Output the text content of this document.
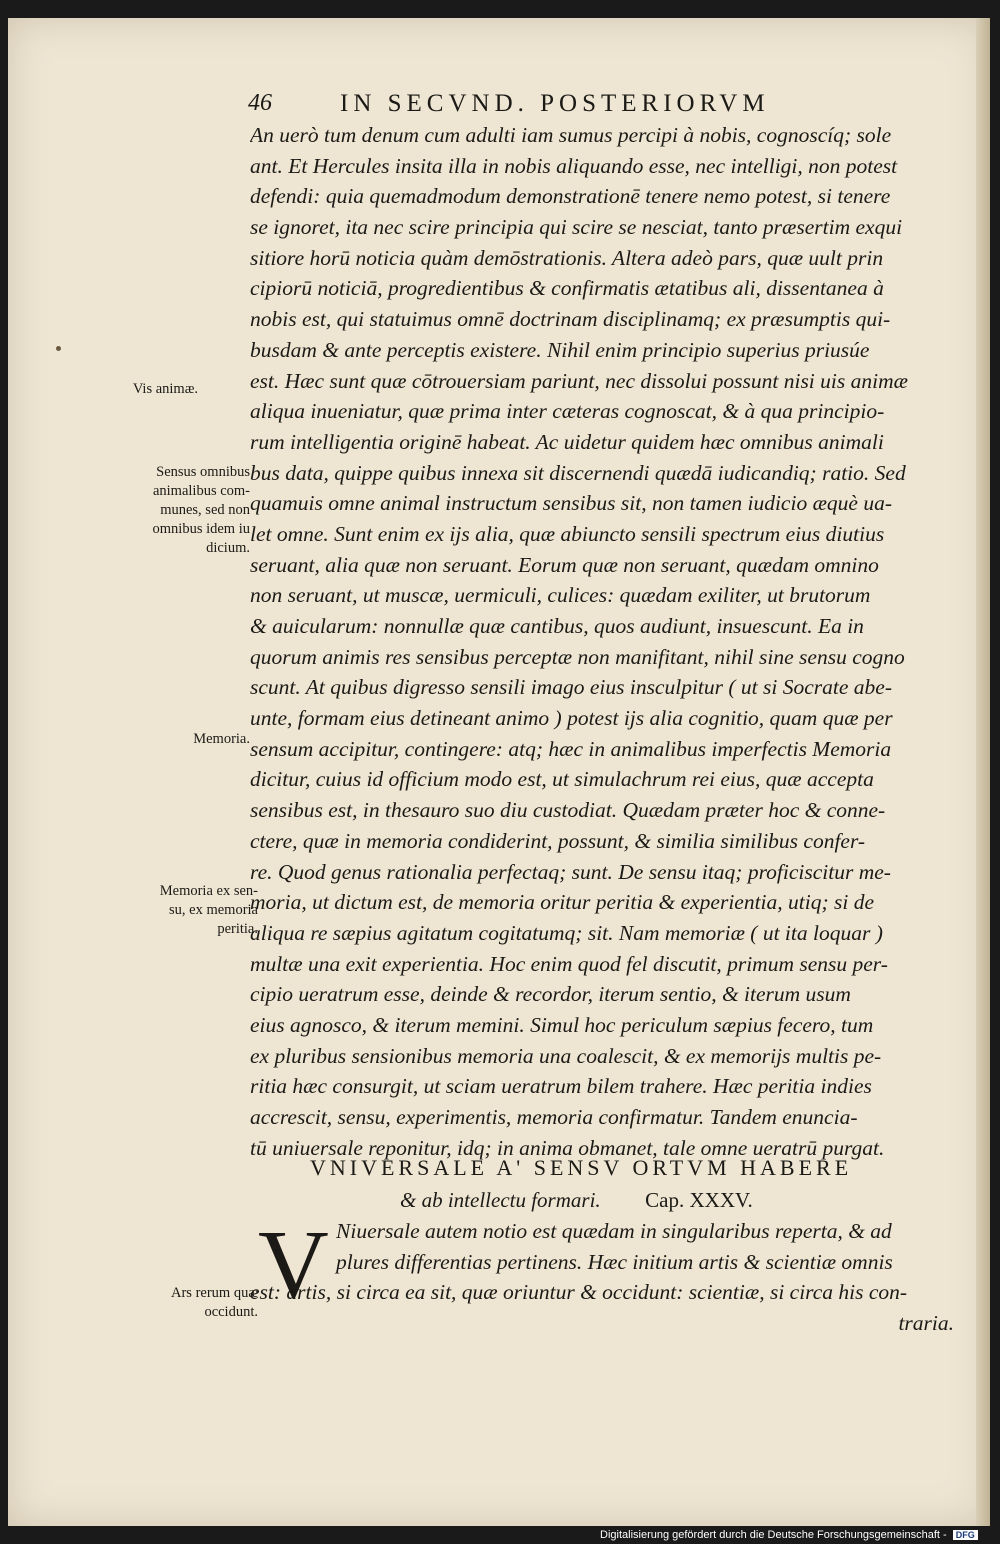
46	IN SECVND. POSTERIORVM
An uerò tum denum cum adulti iam sumus percipi à nobis, cognoscíq; sole
ant. Et Hercules insita illa in nobis aliquando esse, nec intelligi, non potest
defendi: quia quemadmodum demonstrationē tenere nemo potest, si tenere
se ignoret, ita nec scire principia qui scire se nesciat, tanto præsertim exqui
sitiore horū noticia quàm demōstrationis. Altera adeò pars, quæ uult prin
cipiorū noticiā, progredientibus & confirmatis ætatibus ali, dissentanea à
nobis est, qui statuimus omnē doctrinam disciplinamq; ex præsumptis qui-
busdam & ante perceptis existere. Nihil enim principio superius priusúe
est. Hæc sunt quæ cōtrouersiam pariunt, nec dissolui possunt nisi uis animæ
aliqua inueniatur, quæ prima inter cæteras cognoscat, & à qua principio-
rum intelligentia originē habeat. Ac uidetur quidem hæc omnibus animali
bus data, quippe quibus innexa sit discernendi quædā iudicandiq; ratio. Sed
quamuis omne animal instructum sensibus sit, non tamen iudicio æquè ua-
let omne. Sunt enim ex ijs alia, quæ abiuncto sensili spectrum eius diutius
seruant, alia quæ non seruant. Eorum quæ non seruant, quædam omnino
non seruant, ut muscæ, uermiculi, culices: quædam exiliter, ut brutorum
& auicularum: nonnullæ quæ cantibus, quos audiunt, insuescunt. Ea in
quorum animis res sensibus perceptæ non manifitant, nihil sine sensu cogno
scunt. At quibus digresso sensili imago eius insculpitur ( ut si Socrate abe-
unte, formam eius detineant animo ) potest ijs alia cognitio, quam quæ per
sensum accipitur, contingere: atq; hæc in animalibus imperfectis Memoria
dicitur, cuius id officium modo est, ut simulachrum rei eius, quæ accepta
sensibus est, in thesauro suo diu custodiat. Quædam præter hoc & conne-
ctere, quæ in memoria condiderint, possunt, & similia similibus confer-
re. Quod genus rationalia perfectaq; sunt. De sensu itaq; proficiscitur me-
moria, ut dictum est, de memoria oritur peritia & experientia, utiq; si de
aliqua re sæpius agitatum cogitatumq; sit. Nam memoriæ ( ut ita loquar )
multæ una exit experientia. Hoc enim quod fel discutit, primum sensu per-
cipio ueratrum esse, deinde & recordor, iterum sentio, & iterum usum
eius agnosco, & iterum memini. Simul hoc periculum sæpius fecero, tum
ex pluribus sensionibus memoria una coalescit, & ex memorijs multis pe-
ritia hæc consurgit, ut sciam ueratrum bilem trahere. Hæc peritia indies
accrescit, sensu, experimentis, memoria confirmatur. Tandem enuncia-
tū uniuersale reponitur, idq; in anima obmanet, tale omne ueratrū purgat.
Vis animæ.
Sensus omnibus
animalibus com-
munes, sed non
omnibus idem iu
dicium.
Memoria.
Memoria ex sen-
su, ex memoria
peritia.
Ars rerum quæ
occidunt.
VNIVERSALE A' SENSV ORTVM HABERE
& ab intellectu formari. Cap. XXXV.
V Niuersale autem notio est quædam in singularibus reperta, & ad
plures differentias pertinens. Hæc initium artis & scientiæ omnis
est: artis, si circa ea sit, quæ oriuntur & occidunt: scientiæ, si circa his con-
traria.
Digitalisierung gefördert durch die Deutsche Forschungsgemeinschaft - DFG
